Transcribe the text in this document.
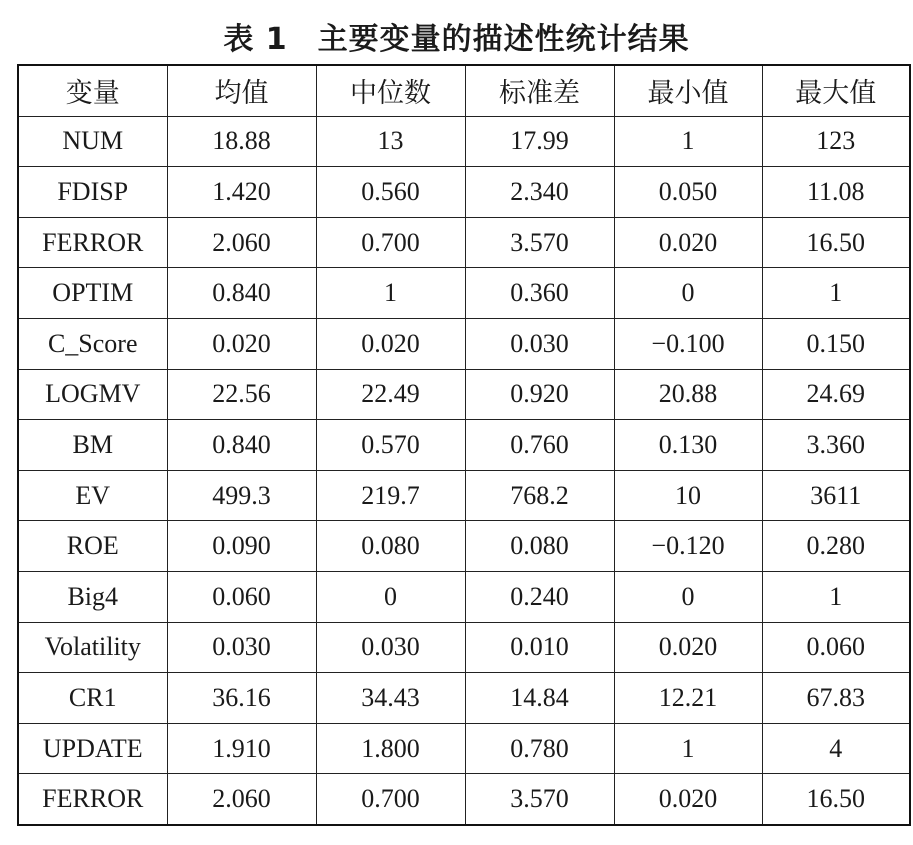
表 1 主要变量的描述性统计结果
变量	均值	中位数	标准差	最小值	最大值
NUM	18.88	13	17.99	1	123
FDISP	1.420	0.560	2.340	0.050	11.08
FERROR	2.060	0.700	3.570	0.020	16.50
OPTIM	0.840	1	0.360	0	1
C_Score	0.020	0.020	0.030	−0.100	0.150
LOGMV	22.56	22.49	0.920	20.88	24.69
BM	0.840	0.570	0.760	0.130	3.360
EV	499.3	219.7	768.2	10	3611
ROE	0.090	0.080	0.080	−0.120	0.280
Big4	0.060	0	0.240	0	1
Volatility	0.030	0.030	0.010	0.020	0.060
CR1	36.16	34.43	14.84	12.21	67.83
UPDATE	1.910	1.800	0.780	1	4
FERROR	2.060	0.700	3.570	0.020	16.50
